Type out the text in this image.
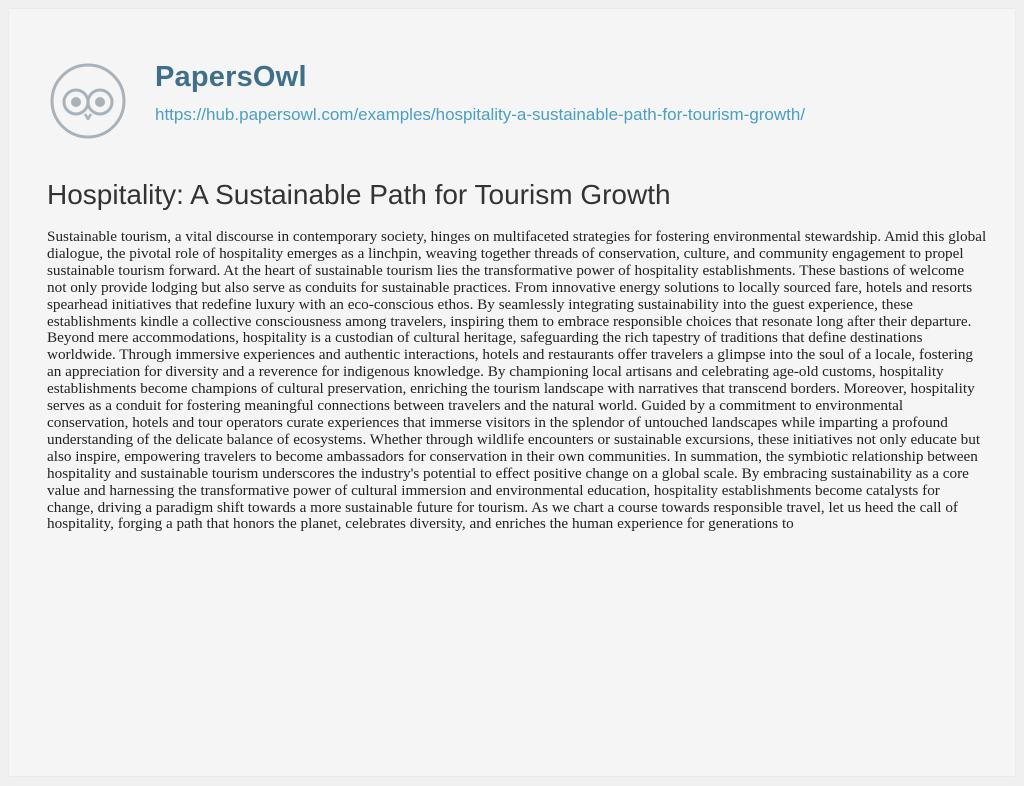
PapersOwl
https://hub.papersowl.com/examples/hospitality-a-sustainable-path-for-tourism-growth/
Hospitality: A Sustainable Path for Tourism Growth

Sustainable tourism, a vital discourse in contemporary society, hinges on multifaceted strategies for fostering environmental stewardship. Amid this global dialogue, the pivotal role of hospitality emerges as a linchpin, weaving together threads of conservation, culture, and community engagement to propel sustainable tourism forward. At the heart of sustainable tourism lies the transformative power of hospitality establishments. These bastions of welcome not only provide lodging but also serve as conduits for sustainable practices. From innovative energy solutions to locally sourced fare, hotels and resorts spearhead initiatives that redefine luxury with an eco-conscious ethos. By seamlessly integrating sustainability into the guest experience, these establishments kindle a collective consciousness among travelers, inspiring them to embrace responsible choices that resonate long after their departure. Beyond mere accommodations, hospitality is a custodian of cultural heritage, safeguarding the rich tapestry of traditions that define destinations worldwide. Through immersive experiences and authentic interactions, hotels and restaurants offer travelers a glimpse into the soul of a locale, fostering an appreciation for diversity and a reverence for indigenous knowledge. By championing local artisans and celebrating age-old customs, hospitality establishments become champions of cultural preservation, enriching the tourism landscape with narratives that transcend borders. Moreover, hospitality serves as a conduit for fostering meaningful connections between travelers and the natural world. Guided by a commitment to environmental conservation, hotels and tour operators curate experiences that immerse visitors in the splendor of untouched landscapes while imparting a profound understanding of the delicate balance of ecosystems. Whether through wildlife encounters or sustainable excursions, these initiatives not only educate but also inspire, empowering travelers to become ambassadors for conservation in their own communities. In summation, the symbiotic relationship between hospitality and sustainable tourism underscores the industry's potential to effect positive change on a global scale. By embracing sustainability as a core value and harnessing the transformative power of cultural immersion and environmental education, hospitality establishments become catalysts for change, driving a paradigm shift towards a more sustainable future for tourism. As we chart a course towards responsible travel, let us heed the call of hospitality, forging a path that honors the planet, celebrates diversity, and enriches the human experience for generations to
